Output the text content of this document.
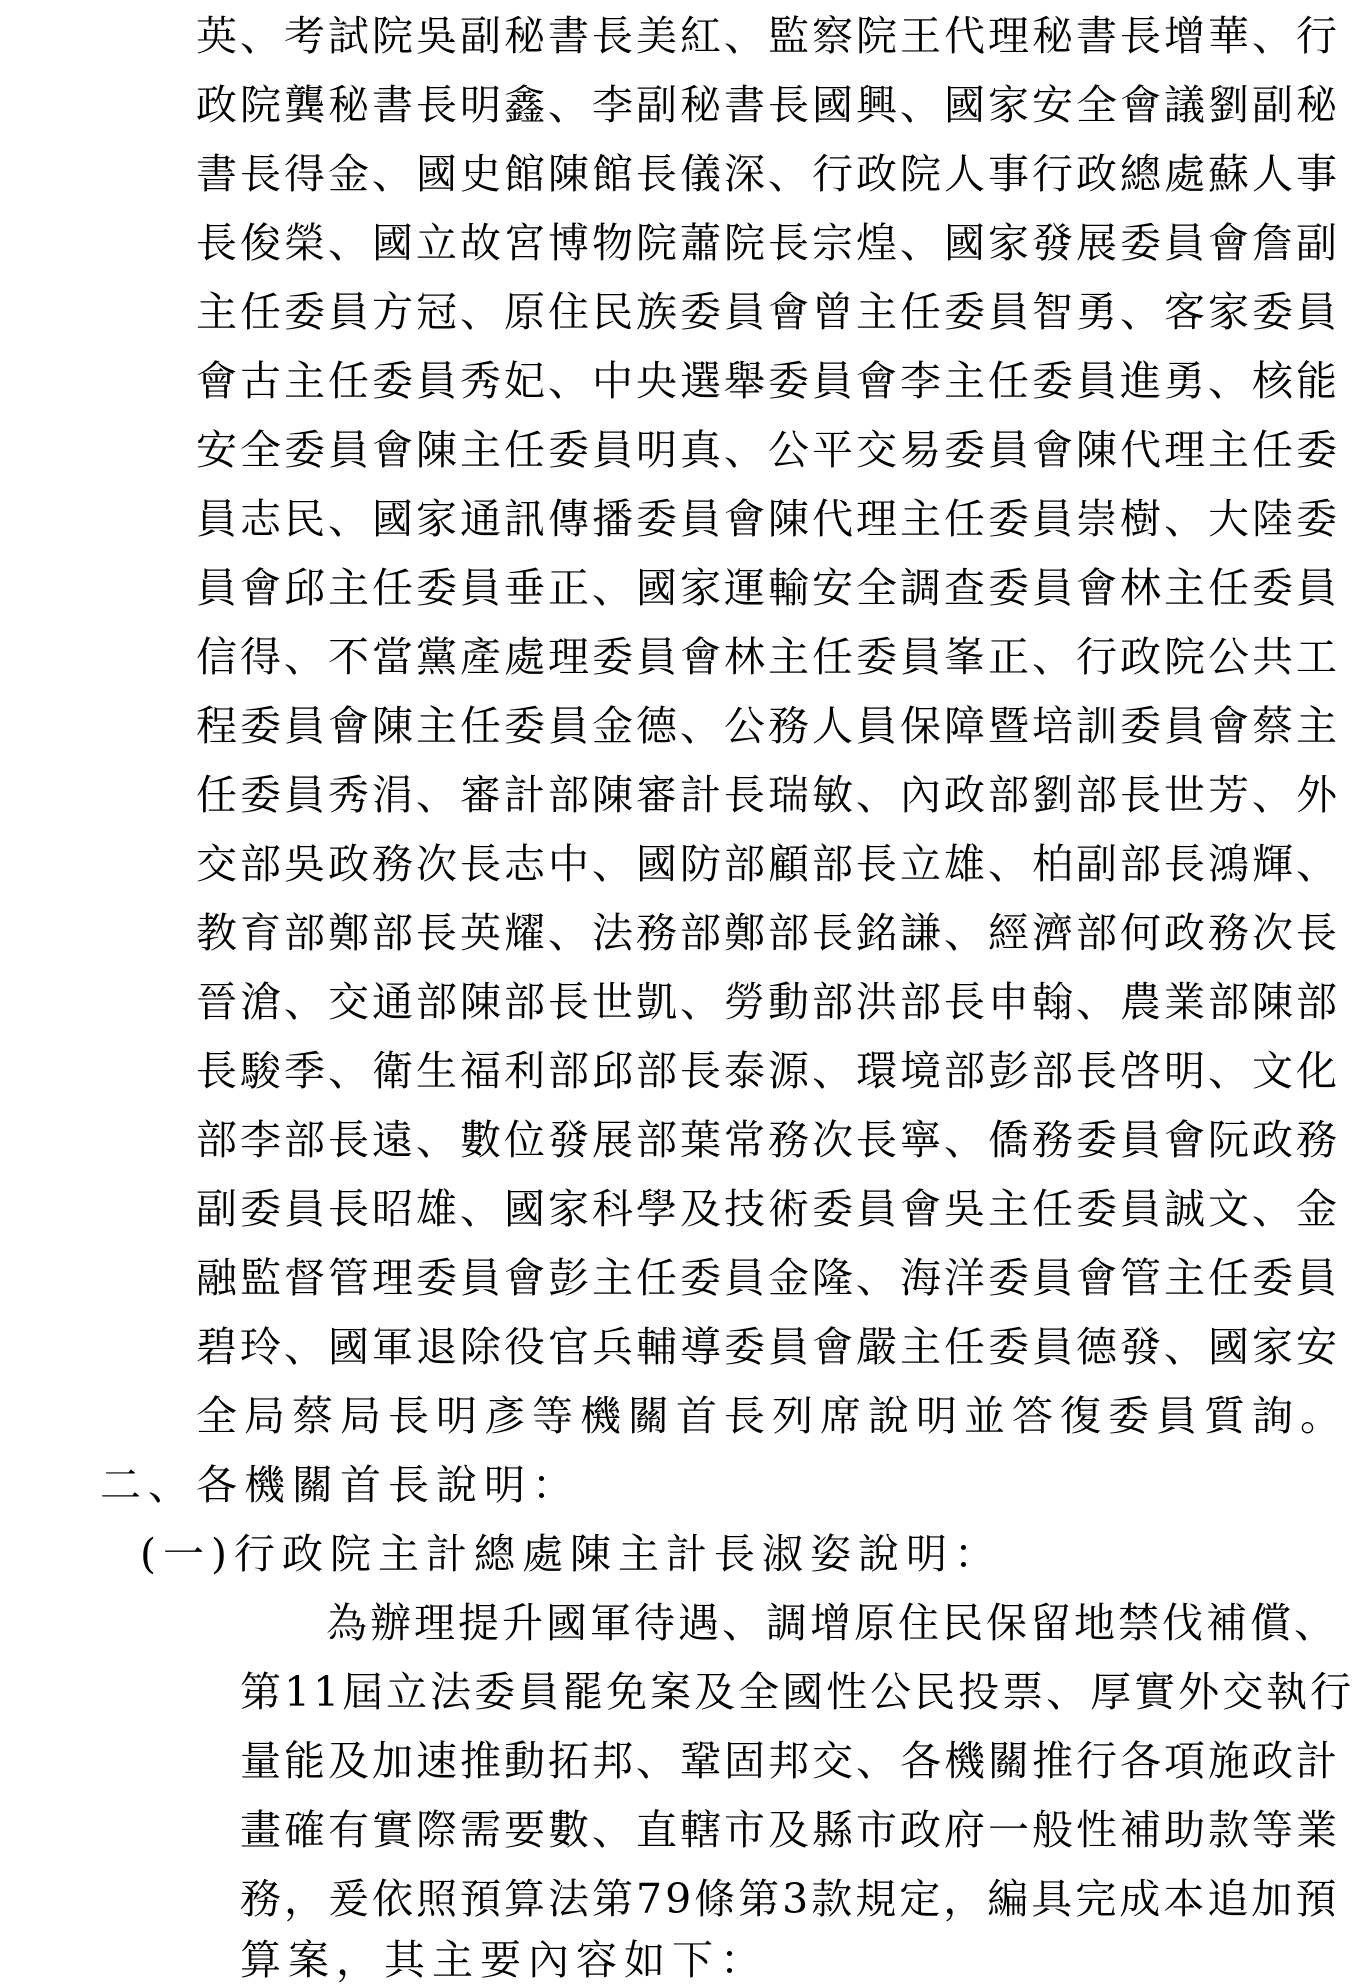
英、考試院吳副秘書長美紅、監察院王代理秘書長增華、行
政院龔秘書長明鑫、李副秘書長國興、國家安全會議劉副秘
書長得金、國史館陳館長儀深、行政院人事行政總處蘇人事
長俊榮、國立故宮博物院蕭院長宗煌、國家發展委員會詹副
主任委員方冠、原住民族委員會曾主任委員智勇、客家委員
會古主任委員秀妃、中央選舉委員會李主任委員進勇、核能
安全委員會陳主任委員明真、公平交易委員會陳代理主任委
員志民、國家通訊傳播委員會陳代理主任委員崇樹、大陸委
員會邱主任委員垂正、國家運輸安全調查委員會林主任委員
信得、不當黨產處理委員會林主任委員峯正、行政院公共工
程委員會陳主任委員金德、公務人員保障暨培訓委員會蔡主
任委員秀涓、審計部陳審計長瑞敏、內政部劉部長世芳、外
交部吳政務次長志中、國防部顧部長立雄、柏副部長鴻輝、
教育部鄭部長英耀、法務部鄭部長銘謙、經濟部何政務次長
晉滄、交通部陳部長世凱、勞動部洪部長申翰、農業部陳部
長駿季、衛生福利部邱部長泰源、環境部彭部長啓明、文化
部李部長遠、數位發展部葉常務次長寧、僑務委員會阮政務
副委員長昭雄、國家科學及技術委員會吳主任委員誠文、金
融監督管理委員會彭主任委員金隆、海洋委員會管主任委員
碧玲、國軍退除役官兵輔導委員會嚴主任委員德發、國家安
全局蔡局長明彥等機關首長列席說明並答復委員質詢。
二、各機關首長說明：
(一)行政院主計總處陳主計長淑姿說明：
為辦理提升國軍待遇、調增原住民保留地禁伐補償、
第11屆立法委員罷免案及全國性公民投票、厚實外交執行
量能及加速推動拓邦、鞏固邦交、各機關推行各項施政計
畫確有實際需要數、直轄市及縣市政府一般性補助款等業
務，爰依照預算法第79條第3款規定，編具完成本追加預
算案，其主要內容如下：
